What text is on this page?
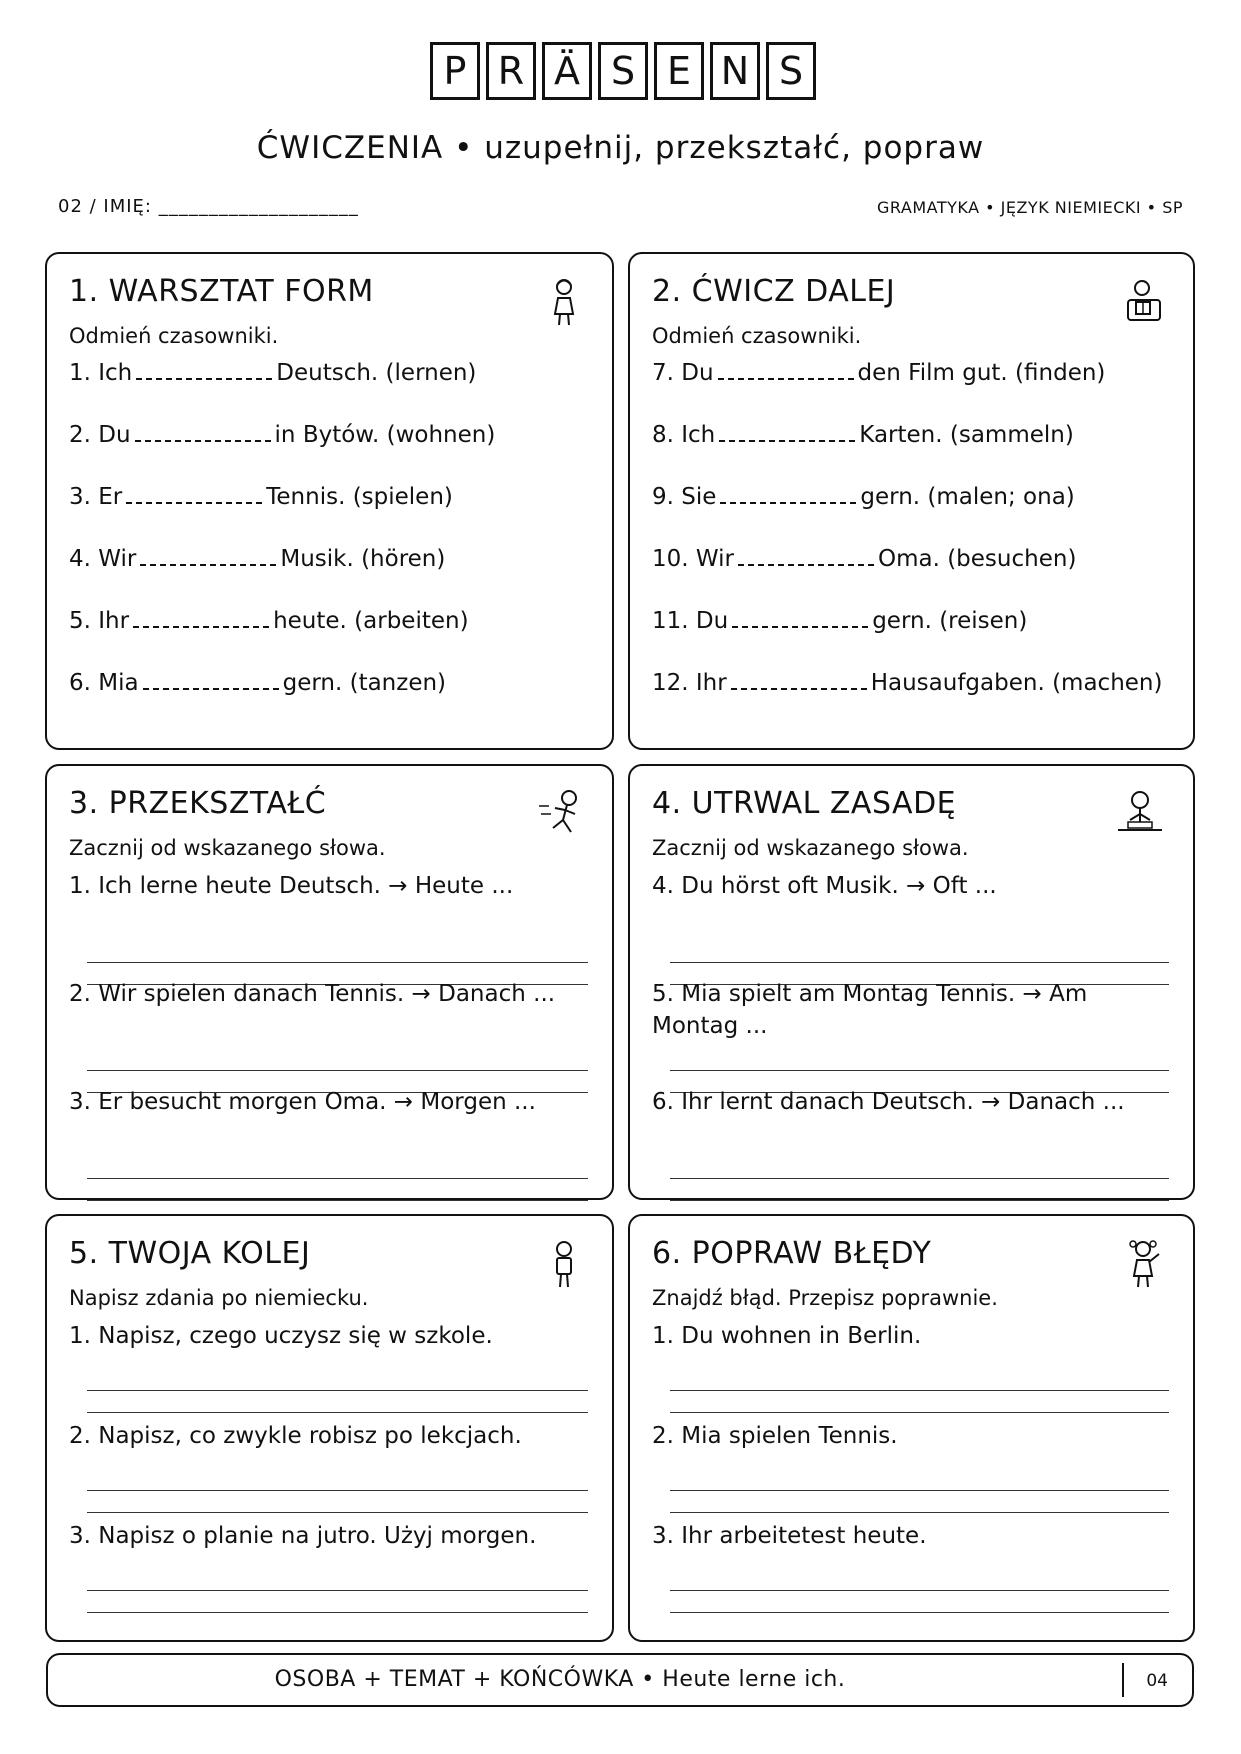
P R Ä S E N S
ĆWICZENIA • uzupełnij, przekształć, popraw
02 / IMIĘ: ____________________	GRAMATYKA • JĘZYK NIEMIECKI • SP
1. WARSZTAT FORM
Odmień czasowniki.
1. Ich	Deutsch. (lernen)
2. Du	in Bytów. (wohnen)
3. Er	Tennis. (spielen)
4. Wir	Musik. (hören)
5. Ihr	heute. (arbeiten)
6. Mia	gern. (tanzen)
2. ĆWICZ DALEJ
Odmień czasowniki.
7. Du	den Film gut. (finden)
8. Ich	Karten. (sammeln)
9. Sie	gern. (malen; ona)
10. Wir	Oma. (besuchen)
11. Du	gern. (reisen)
12. Ihr	Hausaufgaben. (machen)
3. PRZEKSZTAŁĆ
Zacznij od wskazanego słowa.
1. Ich lerne heute Deutsch. → Heute ...
2. Wir spielen danach Tennis. → Danach ...
3. Er besucht morgen Oma. → Morgen ...
4. UTRWAL ZASADĘ
Zacznij od wskazanego słowa.
4. Du hörst oft Musik. → Oft ...
5. Mia spielt am Montag Tennis. → Am Montag ...
6. Ihr lernt danach Deutsch. → Danach ...
5. TWOJA KOLEJ
Napisz zdania po niemiecku.
1. Napisz, czego uczysz się w szkole.
2. Napisz, co zwykle robisz po lekcjach.
3. Napisz o planie na jutro. Użyj morgen.
6. POPRAW BŁĘDY
Znajdź błąd. Przepisz poprawnie.
1. Du wohnen in Berlin.
2. Mia spielen Tennis.
3. Ihr arbeitetest heute.
OSOBA + TEMAT + KOŃCÓWKA • Heute lerne ich.	04
